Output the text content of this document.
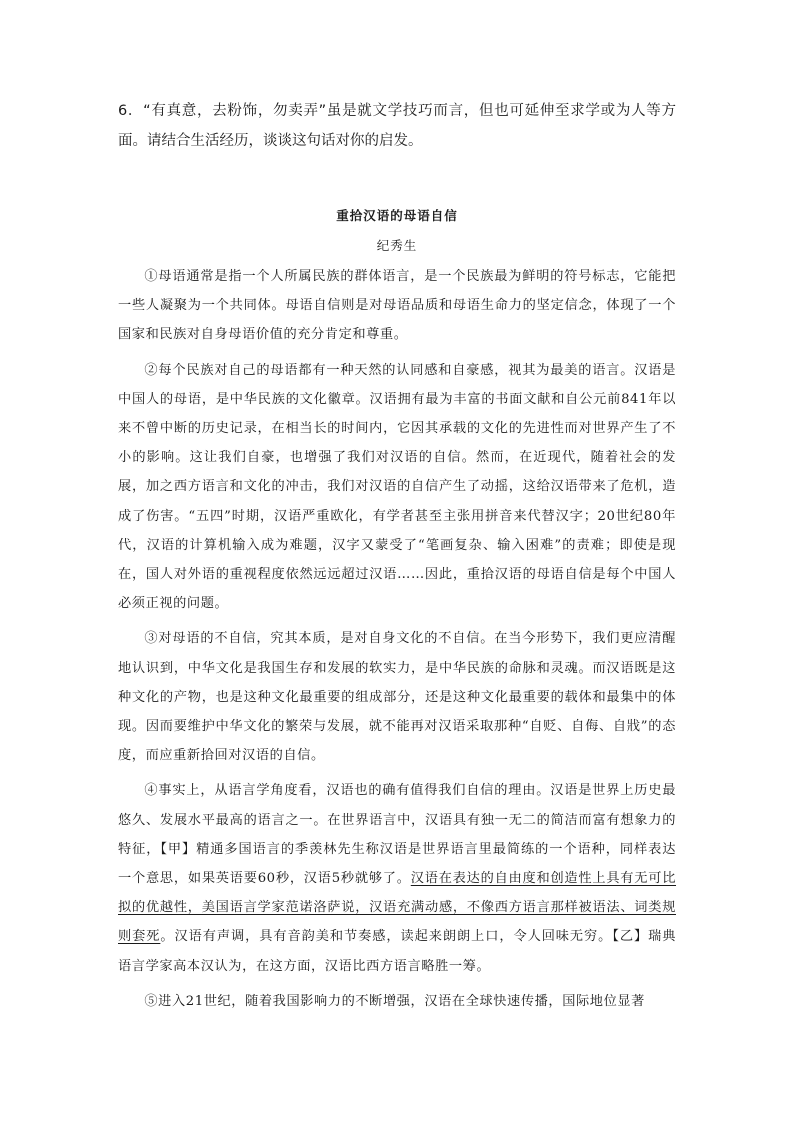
6．“有真意，去粉饰，勿卖弄”虽是就文学技巧而言，但也可延伸至求学或为人等方面。请结合生活经历，谈谈这句话对你的启发。

重拾汉语的母语自信
纪秀生

①母语通常是指一个人所属民族的群体语言，是一个民族最为鲜明的符号标志，它能把一些人凝聚为一个共同体。母语自信则是对母语品质和母语生命力的坚定信念，体现了一个国家和民族对自身母语价值的充分肯定和尊重。

②每个民族对自己的母语都有一种天然的认同感和自豪感，视其为最美的语言。汉语是中国人的母语，是中华民族的文化徽章。汉语拥有最为丰富的书面文献和自公元前841年以来不曾中断的历史记录，在相当长的时间内，它因其承载的文化的先进性而对世界产生了不小的影响。这让我们自豪，也增强了我们对汉语的自信。然而，在近现代，随着社会的发展，加之西方语言和文化的冲击，我们对汉语的自信产生了动摇，这给汉语带来了危机，造成了伤害。“五四”时期，汉语严重欧化，有学者甚至主张用拼音来代替汉字；20世纪80年代，汉语的计算机输入成为难题，汉字又蒙受了“笔画复杂、输入困难”的责难；即使是现在，国人对外语的重视程度依然远远超过汉语……因此，重拾汉语的母语自信是每个中国人必须正视的问题。

③对母语的不自信，究其本质，是对自身文化的不自信。在当今形势下，我们更应清醒地认识到，中华文化是我国生存和发展的软实力，是中华民族的命脉和灵魂。而汉语既是这种文化的产物，也是这种文化最重要的组成部分，还是这种文化最重要的载体和最集中的体现。因而要维护中华文化的繁荣与发展，就不能再对汉语采取那种“自贬、自侮、自戕”的态度，而应重新拾回对汉语的自信。

④事实上，从语言学角度看，汉语也的确有值得我们自信的理由。汉语是世界上历史最悠久、发展水平最高的语言之一。在世界语言中，汉语具有独一无二的简洁而富有想象力的特征，【甲】精通多国语言的季羡林先生称汉语是世界语言里最简练的一个语种，同样表达一个意思，如果英语要60秒，汉语5秒就够了。汉语在表达的自由度和创造性上具有无可比拟的优越性，美国语言学家范诺洛萨说，汉语充满动感，不像西方语言那样被语法、词类规则套死。汉语有声调，具有音韵美和节奏感，读起来朗朗上口，令人回味无穷。【乙】瑞典语言学家高本汉认为，在这方面，汉语比西方语言略胜一筹。

⑤进入21世纪，随着我国影响力的不断增强，汉语在全球快速传播，国际地位显著
